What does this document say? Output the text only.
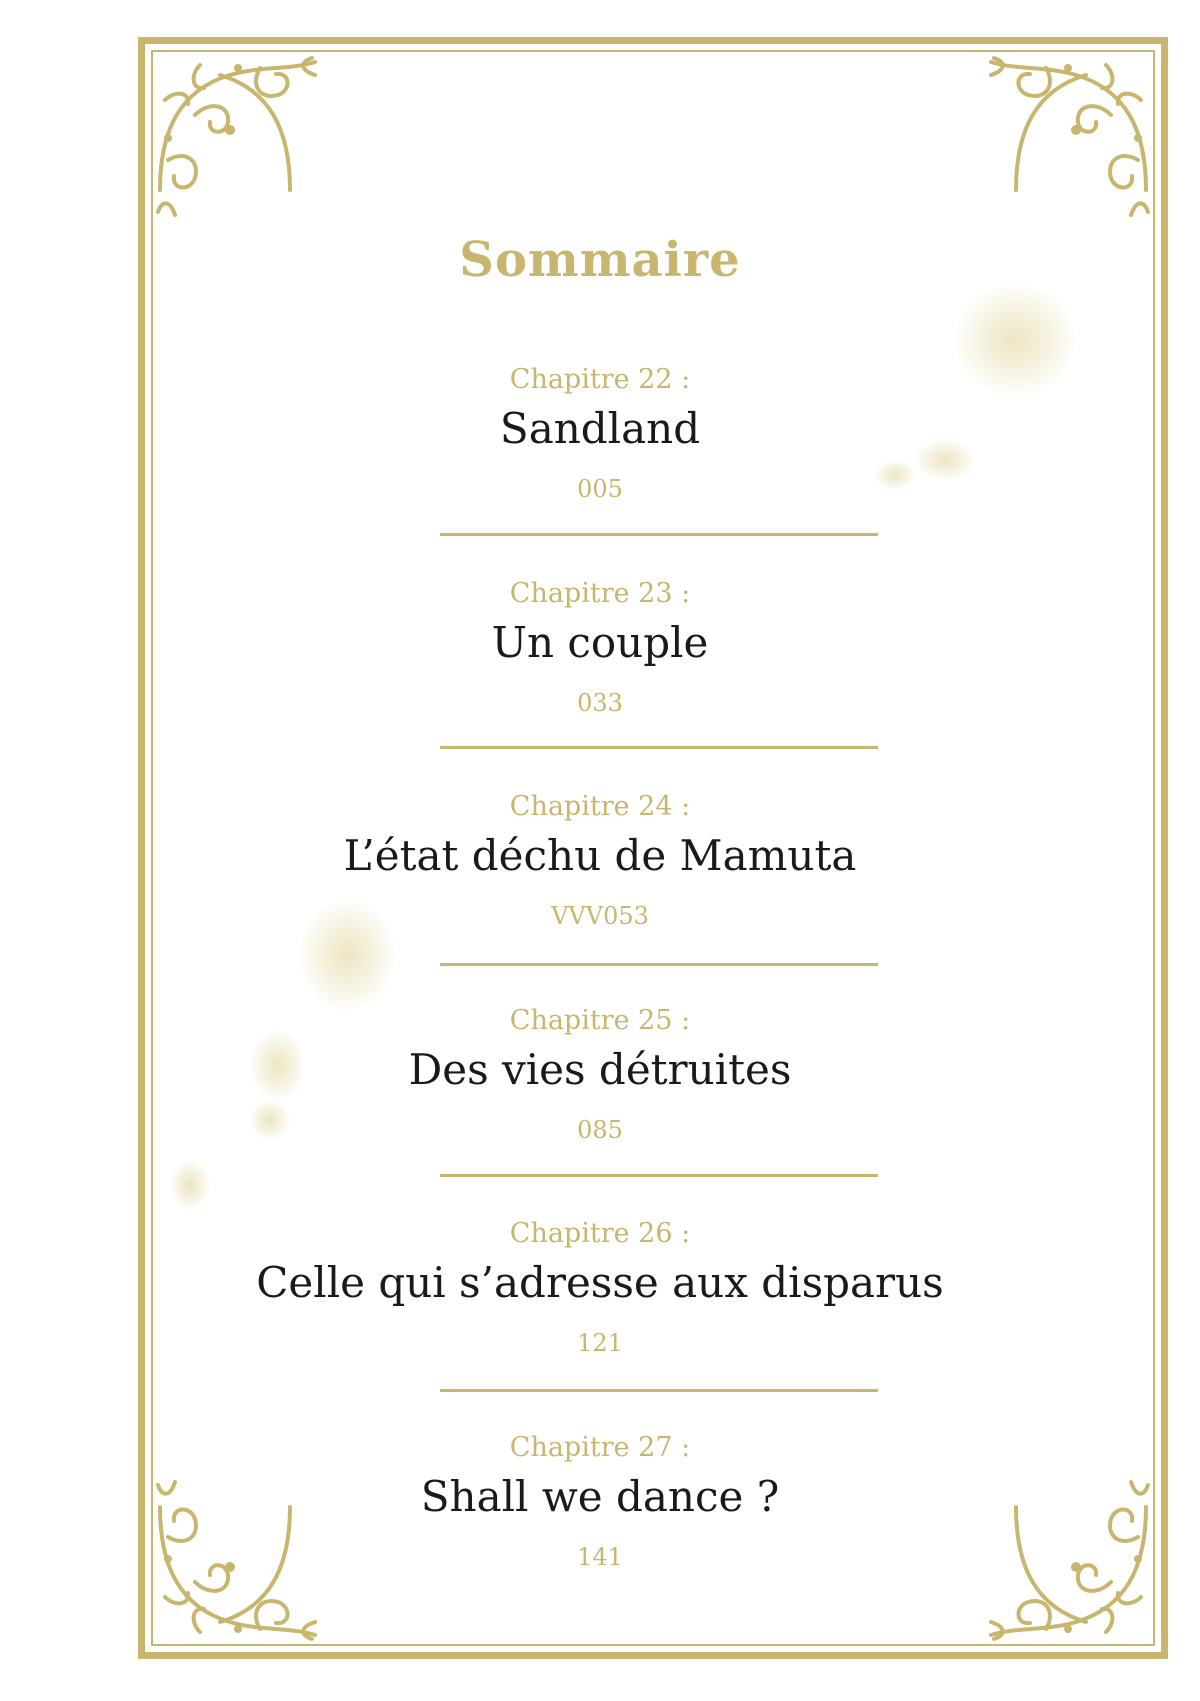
Sommaire
Chapitre 22 :
Sandland
005
Chapitre 23 :
Un couple
033
Chapitre 24 :
L’état déchu de Mamuta
VVV053
Chapitre 25 :
Des vies détruites
085
Chapitre 26 :
Celle qui s’adresse aux disparus
121
Chapitre 27 :
Shall we dance ?
141
